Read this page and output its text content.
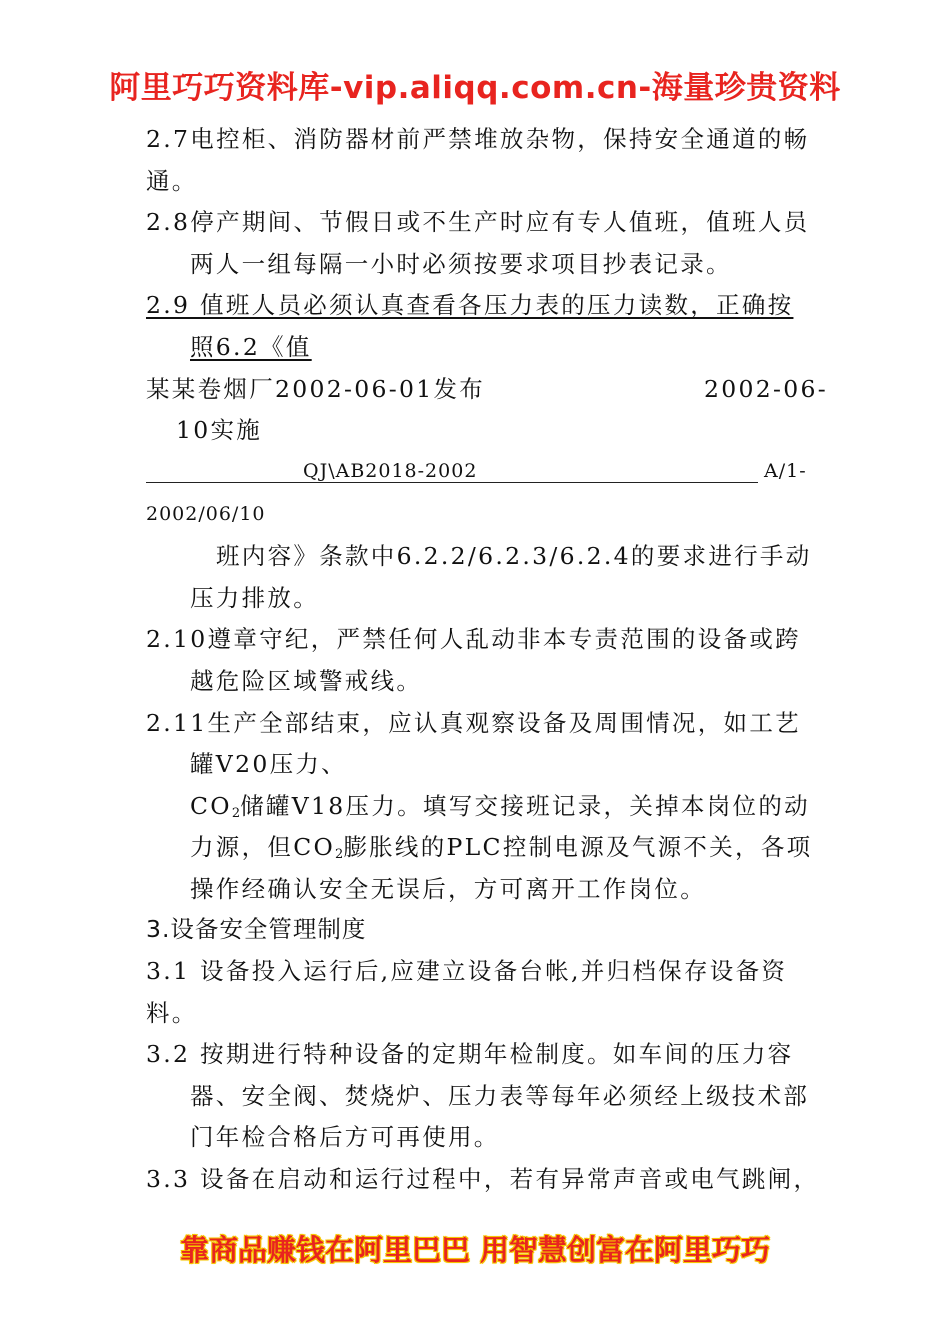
阿里巧巧资料库-vip.aliqq.com.cn-海量珍贵资料
2.7电控柜、消防器材前严禁堆放杂物，保持安全通道的畅
通。
2.8停产期间、节假日或不生产时应有专人值班，值班人员
两人一组每隔一小时必须按要求项目抄表记录。
2.9 值班人员必须认真查看各压力表的压力读数，正确按
照6.2《值
某某卷烟厂2002-06-01发布	2002-06-
10实施
QJ\AB2018-2002	A/1-
2002/06/10
班内容》条款中6.2.2/6.2.3/6.2.4的要求进行手动
压力排放。
2.10遵章守纪，严禁任何人乱动非本专责范围的设备或跨
越危险区域警戒线。
2.11生产全部结束，应认真观察设备及周围情况，如工艺
罐V20压力、
$CO_2$储罐V18压力。填写交接班记录，关掉本岗位的动
力源，但$CO_2$膨胀线的PLC控制电源及气源不关，各项
操作经确认安全无误后，方可离开工作岗位。
3.设备安全管理制度
3.1 设备投入运行后,应建立设备台帐,并归档保存设备资
料。
3.2 按期进行特种设备的定期年检制度。如车间的压力容
器、安全阀、焚烧炉、压力表等每年必须经上级技术部
门年检合格后方可再使用。
3.3 设备在启动和运行过程中，若有异常声音或电气跳闸，
靠商品赚钱在阿里巴巴 用智慧创富在阿里巧巧
